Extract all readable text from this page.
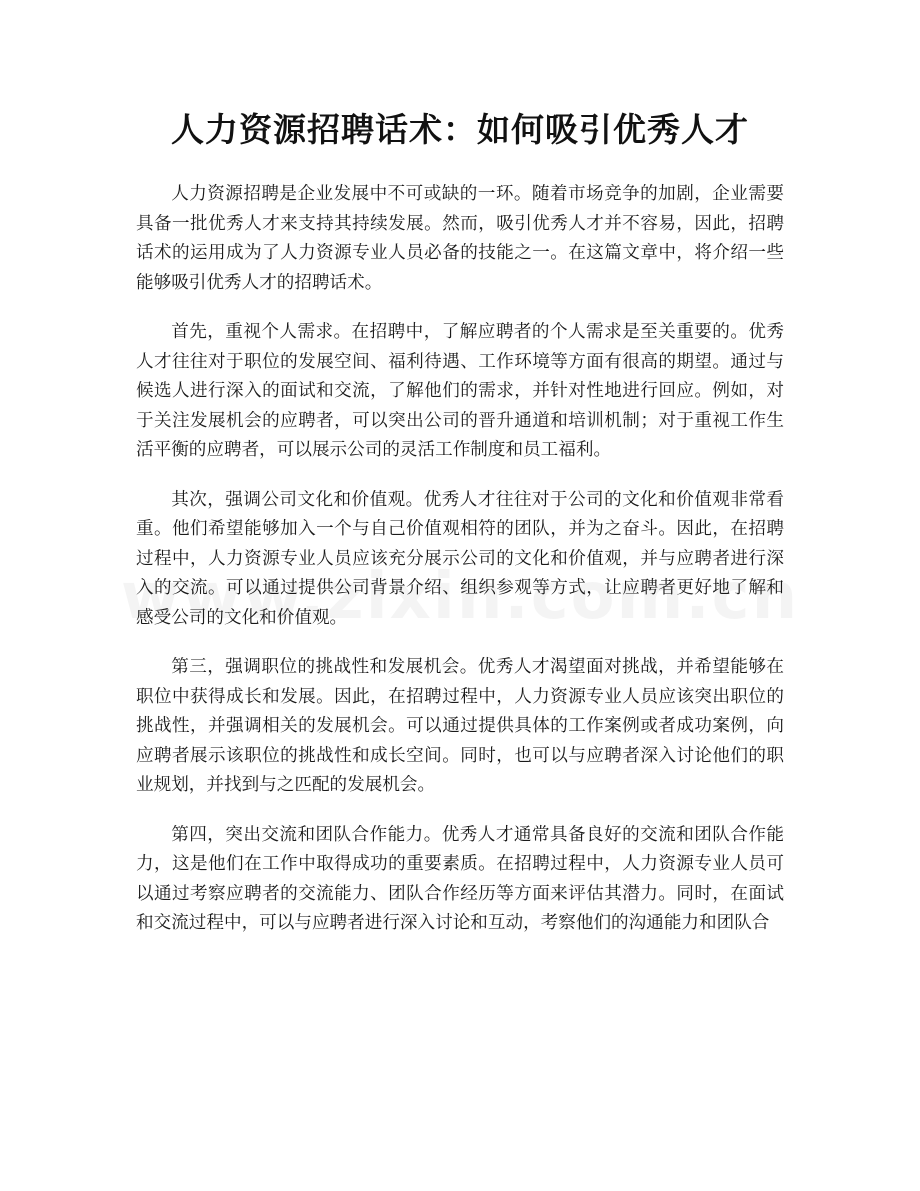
人力资源招聘话术：如何吸引优秀人才

人力资源招聘是企业发展中不可或缺的一环。随着市场竞争的加剧，企业需要具备一批优秀人才来支持其持续发展。然而，吸引优秀人才并不容易，因此，招聘话术的运用成为了人力资源专业人员必备的技能之一。在这篇文章中，将介绍一些能够吸引优秀人才的招聘话术。

首先，重视个人需求。在招聘中，了解应聘者的个人需求是至关重要的。优秀人才往往对于职位的发展空间、福利待遇、工作环境等方面有很高的期望。通过与候选人进行深入的面试和交流，了解他们的需求，并针对性地进行回应。例如，对于关注发展机会的应聘者，可以突出公司的晋升通道和培训机制；对于重视工作生活平衡的应聘者，可以展示公司的灵活工作制度和员工福利。

其次，强调公司文化和价值观。优秀人才往往对于公司的文化和价值观非常看重。他们希望能够加入一个与自己价值观相符的团队，并为之奋斗。因此，在招聘过程中，人力资源专业人员应该充分展示公司的文化和价值观，并与应聘者进行深入的交流。可以通过提供公司背景介绍、组织参观等方式，让应聘者更好地了解和感受公司的文化和价值观。

第三，强调职位的挑战性和发展机会。优秀人才渴望面对挑战，并希望能够在职位中获得成长和发展。因此，在招聘过程中，人力资源专业人员应该突出职位的挑战性，并强调相关的发展机会。可以通过提供具体的工作案例或者成功案例，向应聘者展示该职位的挑战性和成长空间。同时，也可以与应聘者深入讨论他们的职业规划，并找到与之匹配的发展机会。

第四，突出交流和团队合作能力。优秀人才通常具备良好的交流和团队合作能力，这是他们在工作中取得成功的重要素质。在招聘过程中，人力资源专业人员可以通过考察应聘者的交流能力、团队合作经历等方面来评估其潜力。同时，在面试和交流过程中，可以与应聘者进行深入讨论和互动，考察他们的沟通能力和团队合
